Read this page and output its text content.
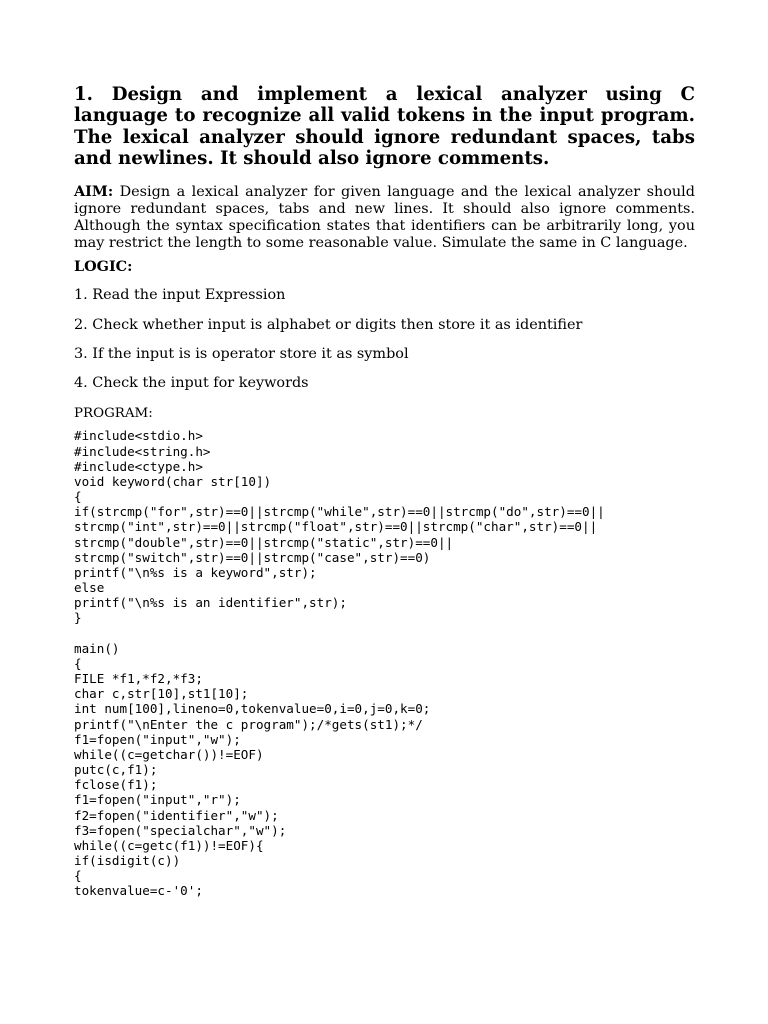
1. Design and implement a lexical analyzer using C language to recognize all valid tokens in the input program. The lexical analyzer should ignore redundant spaces, tabs and newlines. It should also ignore comments.

AIM: Design a lexical analyzer for given language and the lexical analyzer should ignore redundant spaces, tabs and new lines. It should also ignore comments. Although the syntax specification states that identifiers can be arbitrarily long, you may restrict the length to some reasonable value. Simulate the same in C language.

LOGIC:

1. Read the input Expression
2. Check whether input is alphabet or digits then store it as identifier
3. If the input is is operator store it as symbol
4. Check the input for keywords

PROGRAM:

#include<stdio.h>
#include<string.h>
#include<ctype.h>
void keyword(char str[10])
{
if(strcmp("for",str)==0||strcmp("while",str)==0||strcmp("do",str)==0||
strcmp("int",str)==0||strcmp("float",str)==0||strcmp("char",str)==0||
strcmp("double",str)==0||strcmp("static",str)==0||
strcmp("switch",str)==0||strcmp("case",str)==0)
printf("\n%s is a keyword",str);
else
printf("\n%s is an identifier",str);
}
main()
{
FILE *f1,*f2,*f3;
char c,str[10],st1[10];
int num[100],lineno=0,tokenvalue=0,i=0,j=0,k=0;
printf("\nEnter the c program");/*gets(st1);*/
f1=fopen("input","w");
while((c=getchar())!=EOF)
putc(c,f1);
fclose(f1);
f1=fopen("input","r");
f2=fopen("identifier","w");
f3=fopen("specialchar","w");
while((c=getc(f1))!=EOF){
if(isdigit(c))
{
tokenvalue=c-'0';
